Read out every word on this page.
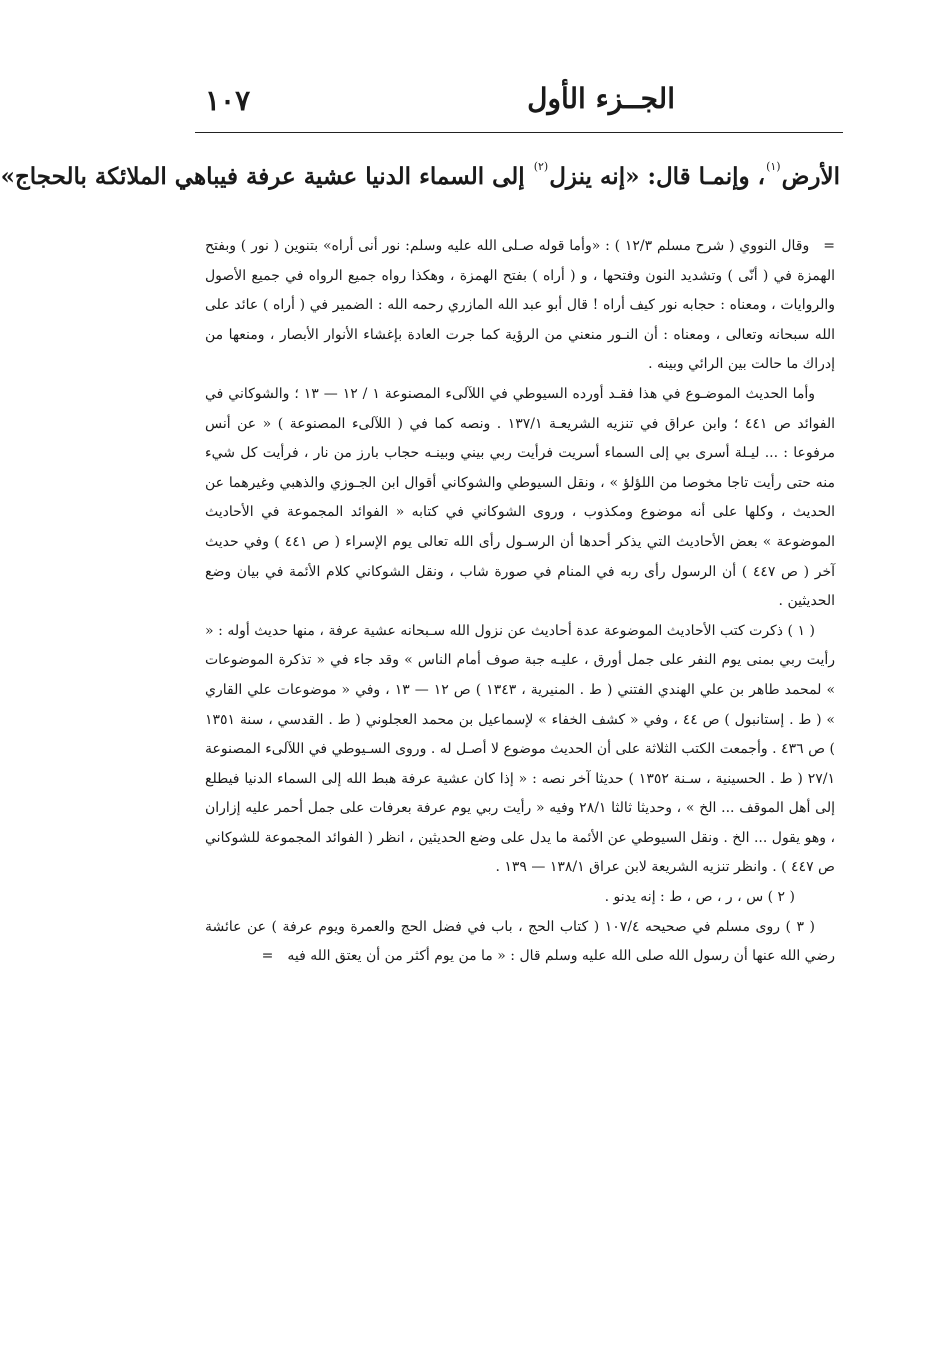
الجــزء الأول
١٠٧
الأرض$^{(١)}$، وإنمـا قال: «إنه ينزل$^{(٢)}$ إلى السماء الدنيا عشية عرفة فيباهي الملائكة بالحجاج»

=وقال النووي ( شرح مسلم ١٢/٣ ) : «وأما قوله صـلى الله عليه وسلم: نور أنى أراه» بتنوين ( نور ) وبفتح الهمزة في ( أنّى ) وتشديد النون وفتحها ، و ( أراه ) بفتح الهمزة ، وهكذا رواه جميع الرواه في جميع الأصول والروايات ، ومعناه : حجابه نور كيف أراه ! قال أبو عبد الله المازري رحمه الله : الضمير في ( أراه ) عائد على الله سبحانه وتعالى ، ومعناه : أن النـور منعني من الرؤية كما جرت العادة بإغشاء الأنوار الأبصار ، ومنعها من إدراك ما حالت بين الرائي وبينه .

وأما الحديث الموضـوع في هذا فقـد أورده السيوطي في اللآلىء المصنوعة ١ / ١٢ — ١٣ ؛ والشوكاني في الفوائد ص ٤٤١ ؛ وابن عراق في تنزيه الشريعـة ١٣٧/١ . ونصه كما في ( اللآلىء المصنوعة ) « عن أنس مرفوعا : ... ليـلة أسرى بي إلى السماء أسريت فرأيت ربي بيني وبينـه حجاب بارز من نار ، فرأيت كل شيء منه حتى رأيت تاجا مخوصا من اللؤلؤ » ، ونقل السيوطي والشوكاني أقوال ابن الجـوزي والذهبي وغيرهما عن الحديث ، وكلها على أنه موضوع ومكذوب ، وروى الشوكاني في كتابه « الفوائد المجموعة في الأحاديث الموضوعة » بعض الأحاديث التي يذكر أحدها أن الرسـول رأى الله تعالى يوم الإسراء ( ص ٤٤١ ) وفي حديث آخر ( ص ٤٤٧ ) أن الرسول رأى ربه في المنام في صورة شاب ، ونقل الشوكاني كلام الأئمة في بيان وضع الحديثين .

( ١ ) ذكرت كتب الأحاديث الموضوعة عدة أحاديث عن نزول الله سـبحانه عشية عرفة ، منها حديث أوله : « رأيت ربي بمنى يوم النفر على جمل أورق ، عليـه جبة صوف أمام الناس » وقد جاء في « تذكرة الموضوعات » لمحمد طاهر بن علي الهندي الفتني ( ط . المنيرية ، ١٣٤٣ ) ص ١٢ — ١٣ ، وفي « موضوعات علي القاري » ( ط . إستانبول ) ص ٤٤ ، وفي « كشف الخفاء » لإسماعيل بن محمد العجلوني ( ط . القدسي ، سنة ١٣٥١ ) ص ٤٣٦ . وأجمعت الكتب الثلاثة على أن الحديث موضوع لا أصـل له . وروى السـيوطي في اللآلىء المصنوعة ٢٧/١ ( ط . الحسينية ، سـنة ١٣٥٢ ) حديثا آخر نصه : « إذا كان عشية عرفة هبط الله إلى السماء الدنيا فيطلع إلى أهل الموقف ... الخ » ، وحديثا ثالثا ٢٨/١ وفيه « رأيت ربي يوم عرفة بعرفات على جمل أحمر عليه إزاران ، وهو يقول ... الخ . ونقل السيوطي عن الأئمة ما يدل على وضع الحديثين ، انظر ( الفوائد المجموعة للشوكاني ص ٤٤٧ ) . وانظر تنزيه الشريعة لابن عراق ١٣٨/١ — ١٣٩ .

( ٢ ) س ، ر ، ص ، ط : إنه يدنو .

( ٣ ) روى مسلم في صحيحه ١٠٧/٤ ( كتاب الحج ، باب في فضل الحج والعمرة ويوم عرفة ) عن عائشة رضي الله عنها أن رسول الله صلى الله عليه وسلم قال : « ما من يوم أكثر من أن يعتق الله فيه=
